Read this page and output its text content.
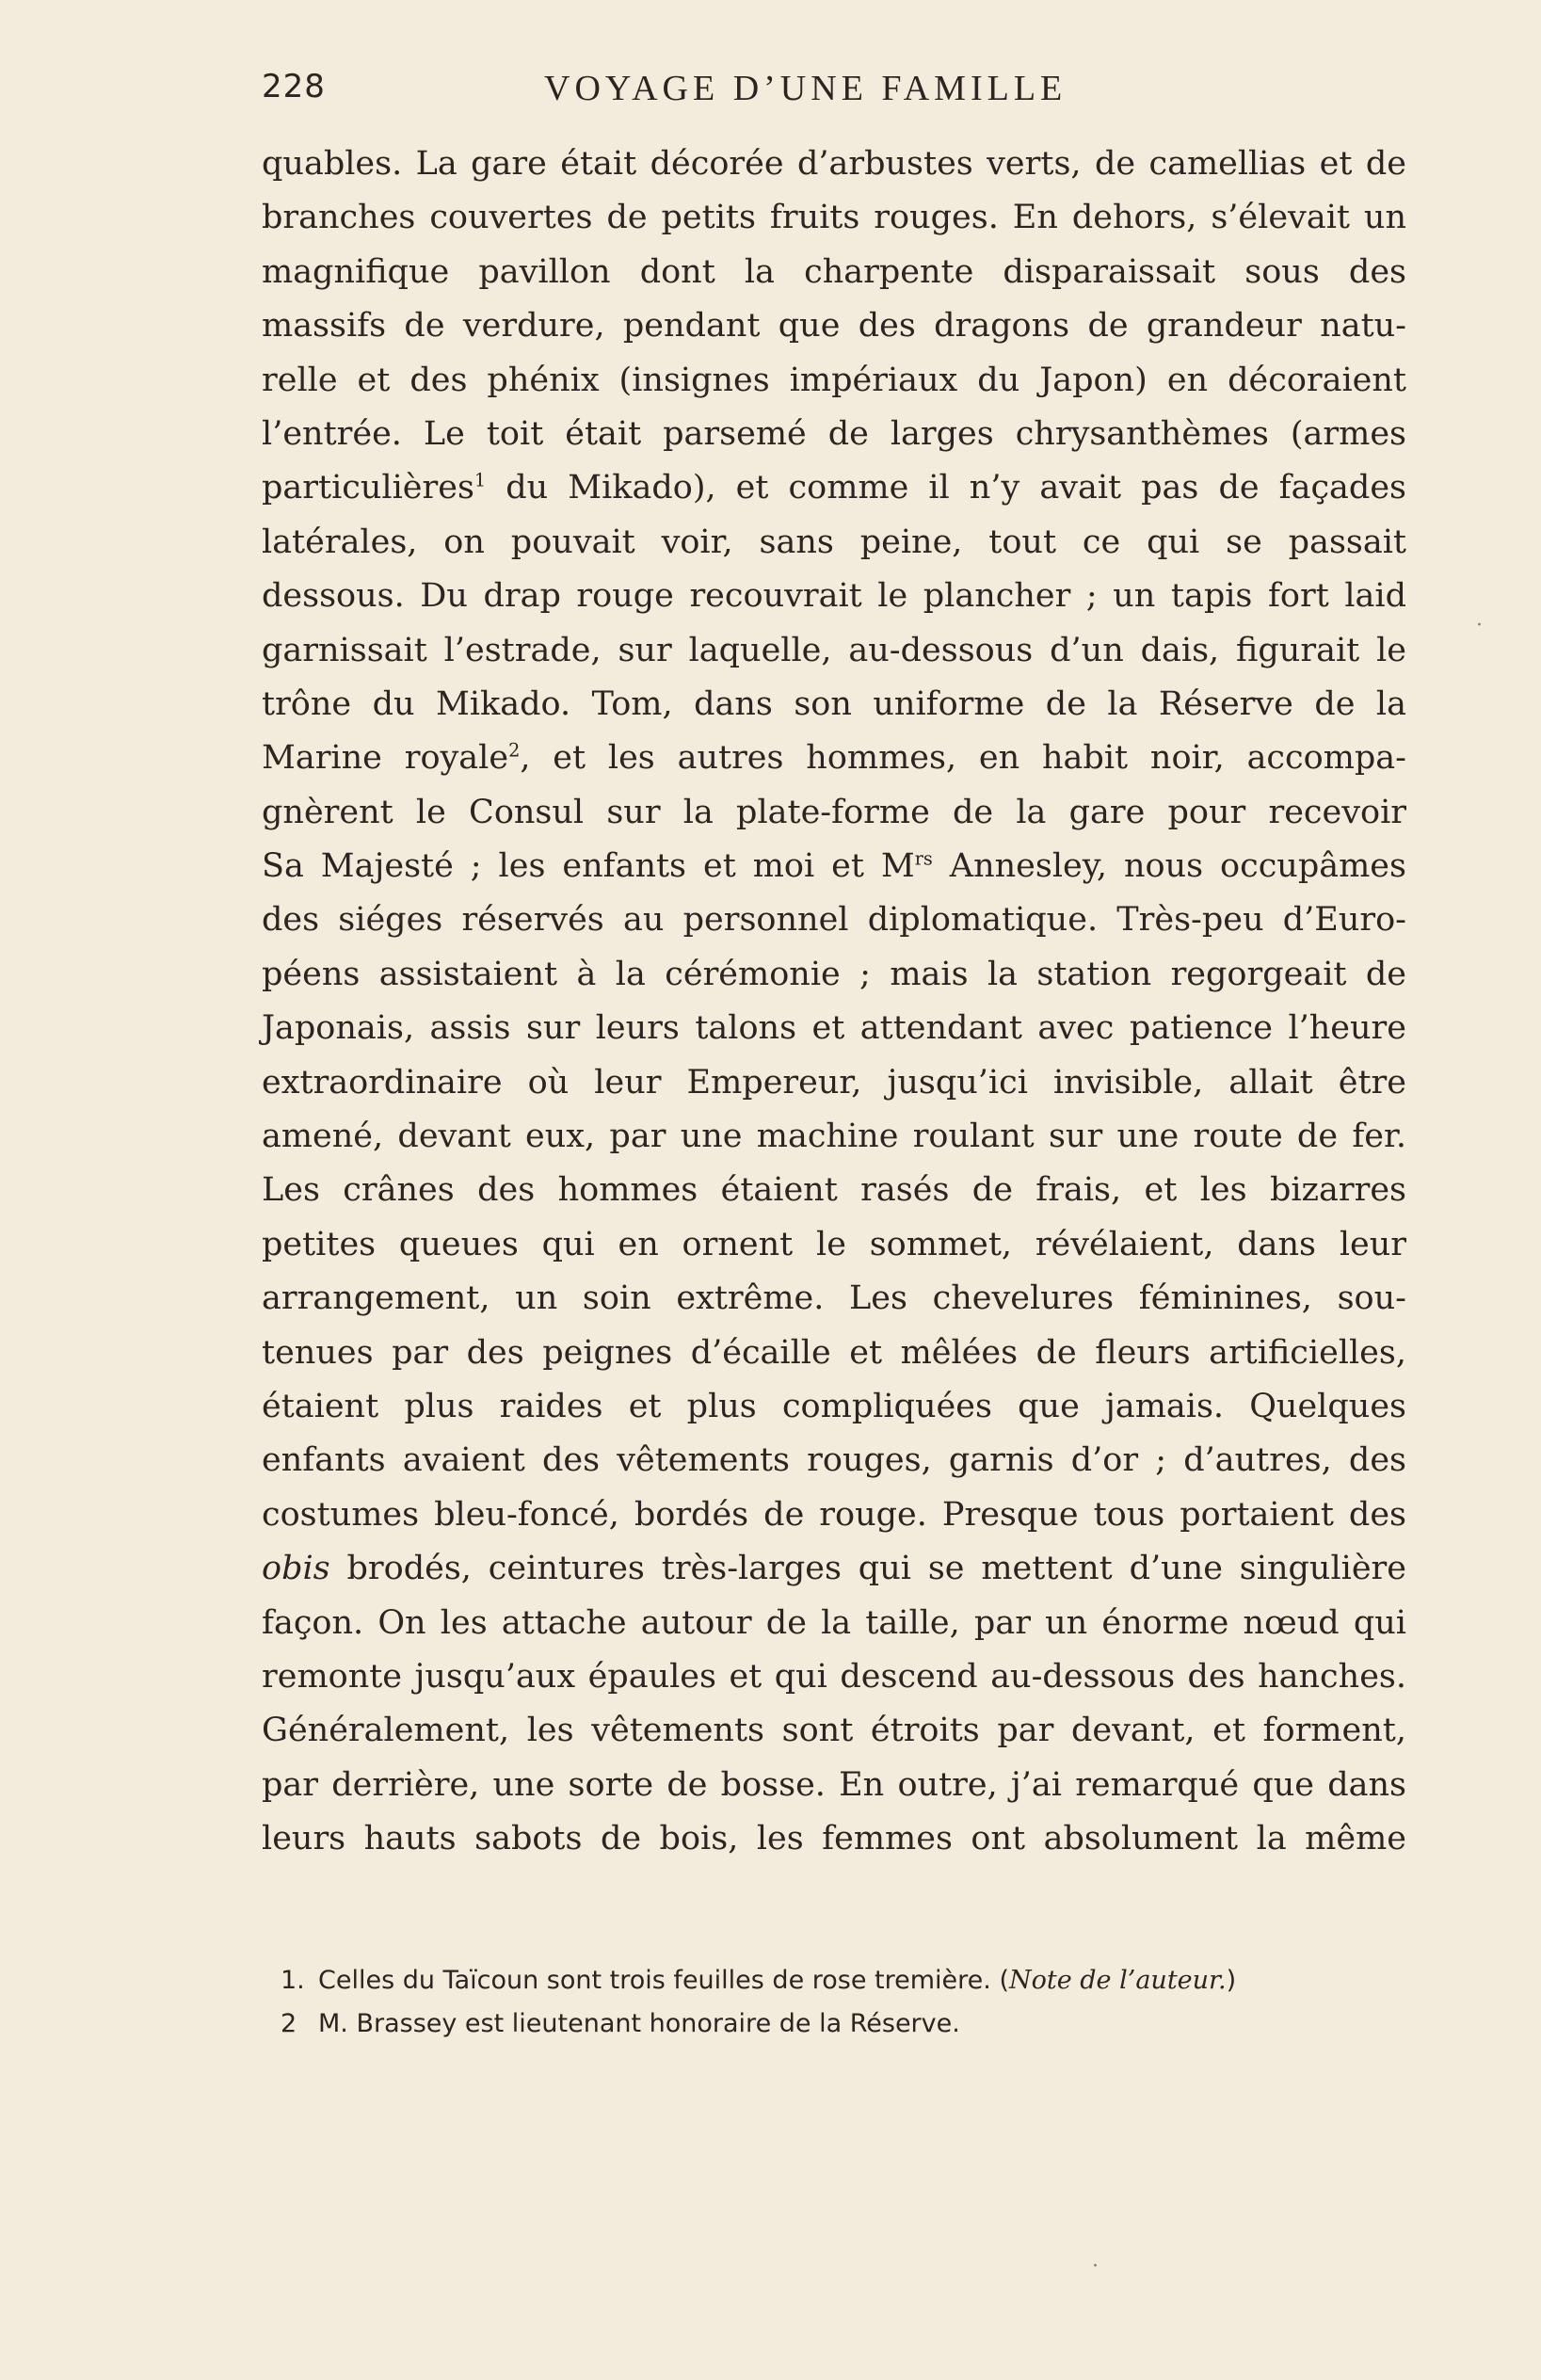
228	VOYAGE D’UNE FAMILLE
quables. La gare était décorée d’arbustes verts, de camellias et de
branches couvertes de petits fruits rouges. En dehors, s’élevait un
magnifique pavillon dont la charpente disparaissait sous des
massifs de verdure, pendant que des dragons de grandeur natu-
relle et des phénix (insignes impériaux du Japon) en décoraient
l’entrée. Le toit était parsemé de larges chrysanthèmes (armes
particulières$^1$ du Mikado), et comme il n’y avait pas de façades
latérales, on pouvait voir, sans peine, tout ce qui se passait
dessous. Du drap rouge recouvrait le plancher ; un tapis fort laid
garnissait l’estrade, sur laquelle, au-dessous d’un dais, figurait le
trône du Mikado. Tom, dans son uniforme de la Réserve de la
Marine royale$^2$, et les autres hommes, en habit noir, accompa-
gnèrent le Consul sur la plate-forme de la gare pour recevoir
Sa Majesté ; les enfants et moi et $M^{rs}$ Annesley, nous occupâmes
des siéges réservés au personnel diplomatique. Très-peu d’Euro-
péens assistaient à la cérémonie ; mais la station regorgeait de
Japonais, assis sur leurs talons et attendant avec patience l’heure
extraordinaire où leur Empereur, jusqu’ici invisible, allait être
amené, devant eux, par une machine roulant sur une route de fer.
Les crânes des hommes étaient rasés de frais, et les bizarres
petites queues qui en ornent le sommet, révélaient, dans leur
arrangement, un soin extrême. Les chevelures féminines, sou-
tenues par des peignes d’écaille et mêlées de fleurs artificielles,
étaient plus raides et plus compliquées que jamais. Quelques
enfants avaient des vêtements rouges, garnis d’or ; d’autres, des
costumes bleu-foncé, bordés de rouge. Presque tous portaient des
obis brodés, ceintures très-larges qui se mettent d’une singulière
façon. On les attache autour de la taille, par un énorme nœud qui
remonte jusqu’aux épaules et qui descend au-dessous des hanches.
Généralement, les vêtements sont étroits par devant, et forment,
par derrière, une sorte de bosse. En outre, j’ai remarqué que dans
leurs hauts sabots de bois, les femmes ont absolument la même
1. Celles du Taïcoun sont trois feuilles de rose tremière. (Note de l’auteur.)
2 M. Brassey est lieutenant honoraire de la Réserve.
·
·
